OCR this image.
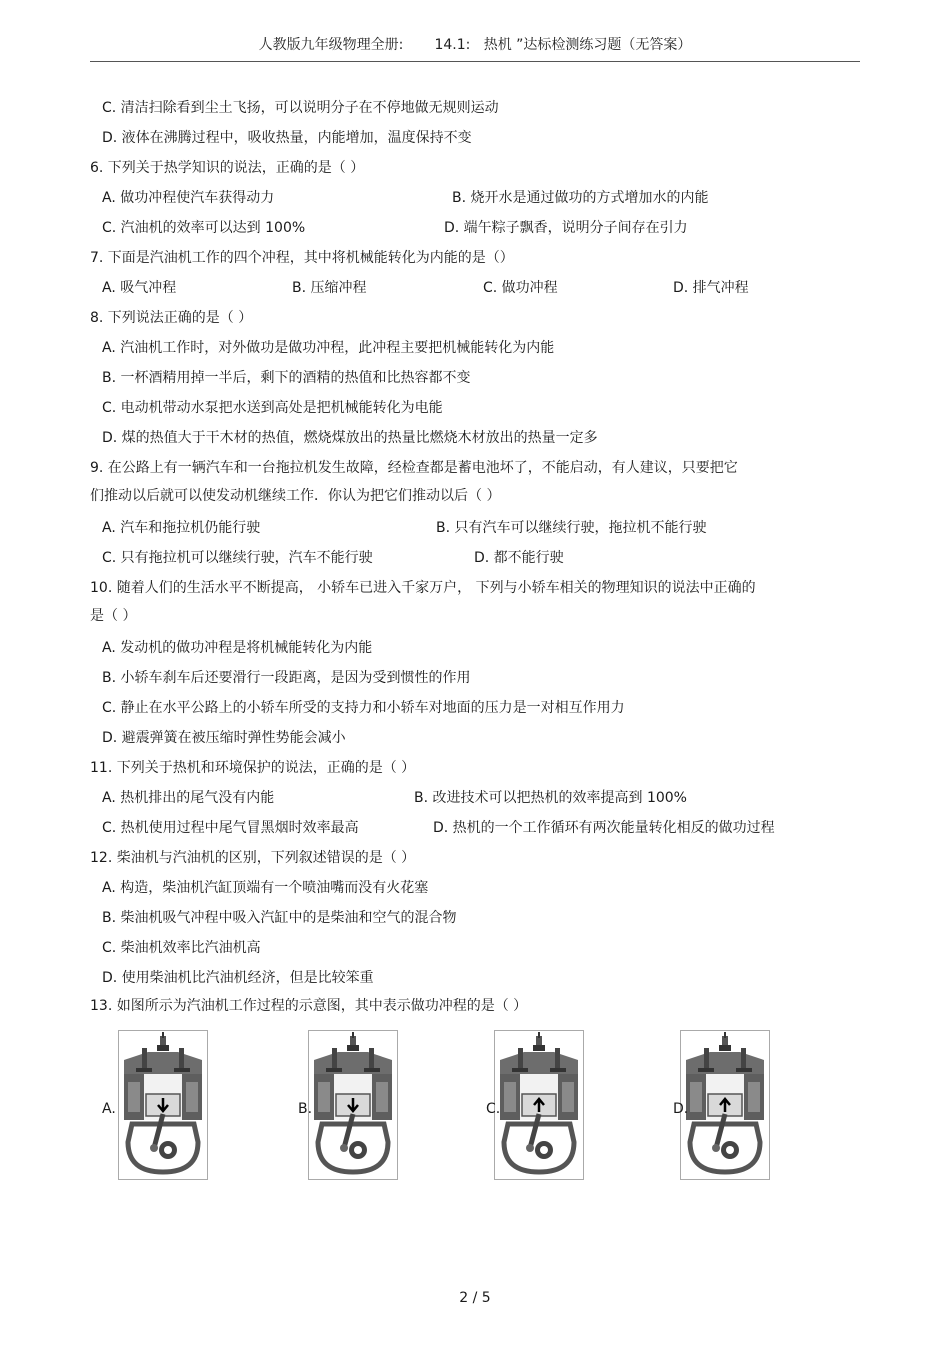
人教版九年级物理全册:       14.1:   热机 ”达标检测练习题（无答案）
C. 清洁扫除看到尘土飞扬，可以说明分子在不停地做无规则运动
D. 液体在沸腾过程中，吸收热量，内能增加，温度保持不变
6. 下列关于热学知识的说法，正确的是（ ）
A. 做功冲程使汽车获得动力	B. 烧开水是通过做功的方式增加水的内能
C. 汽油机的效率可以达到 100%	D. 端午粽子飘香，说明分子间存在引力
7. 下面是汽油机工作的四个冲程，其中将机械能转化为内能的是（）
A. 吸气冲程	B. 压缩冲程	C. 做功冲程	D. 排气冲程
8. 下列说法正确的是（ ）
A. 汽油机工作时，对外做功是做功冲程，此冲程主要把机械能转化为内能
B. 一杯酒精用掉一半后，剩下的酒精的热值和比热容都不变
C. 电动机带动水泵把水送到高处是把机械能转化为电能
D. 煤的热值大于干木材的热值，燃烧煤放出的热量比燃烧木材放出的热量一定多
9. 在公路上有一辆汽车和一台拖拉机发生故障，经检查都是蓄电池坏了，不能启动，有人建议，只要把它
们推动以后就可以使发动机继续工作．你认为把它们推动以后（ ）
A. 汽车和拖拉机仍能行驶	B. 只有汽车可以继续行驶，拖拉机不能行驶
C. 只有拖拉机可以继续行驶，汽车不能行驶	D. 都不能行驶
10. 随着人们的生活水平不断提高， 小轿车已进入千家万户， 下列与小轿车相关的物理知识的说法中正确的
是（ ）
A. 发动机的做功冲程是将机械能转化为内能
B. 小轿车刹车后还要滑行一段距离，是因为受到惯性的作用
C. 静止在水平公路上的小轿车所受的支持力和小轿车对地面的压力是一对相互作用力
D. 避震弹簧在被压缩时弹性势能会减小
11. 下列关于热机和环境保护的说法，正确的是（ ）
A. 热机排出的尾气没有内能	B. 改进技术可以把热机的效率提高到 100%
C. 热机使用过程中尾气冒黑烟时效率最高	D. 热机的一个工作循环有两次能量转化相反的做功过程
12. 柴油机与汽油机的区别，下列叙述错误的是（ ）
A. 构造，柴油机汽缸顶端有一个喷油嘴而没有火花塞
B. 柴油机吸气冲程中吸入汽缸中的是柴油和空气的混合物
C. 柴油机效率比汽油机高
D. 使用柴油机比汽油机经济，但是比较笨重
13. 如图所示为汽油机工作过程的示意图，其中表示做功冲程的是（ ）
A.	B.	C.	D.
2 / 5
